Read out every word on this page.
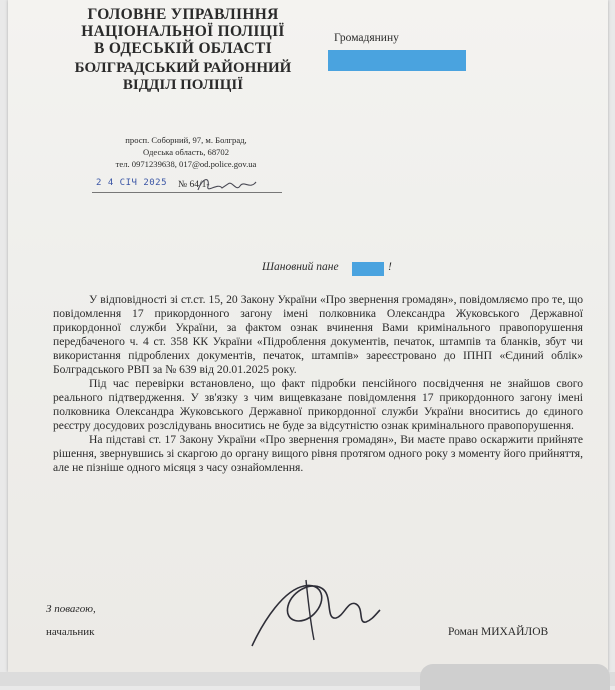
ГОЛОВНЕ УПРАВЛІННЯ
НАЦІОНАЛЬНОЇ ПОЛІЦІЇ
В ОДЕСЬКІЙ ОБЛАСТІ
БОЛГРАДСЬКИЙ РАЙОННИЙ
ВІДДІЛ ПОЛІЦІЇ
Громадянину
просп. Соборний, 97, м. Болград,
Одеська область, 68702
тел. 0971239638, 017@od.police.gov.ua
2 4 СІЧ 2025 № 64/1-
Шановний пане	!

У відповідності зі ст.ст. 15, 20 Закону України «Про звернення громадян», повідомляємо про те, що повідомлення 17 прикордонного загону імені полковника Олександра Жуковського Державної прикордонної служби України, за фактом ознак вчинення Вами кримінального правопорушення передбаченого ч. 4 ст. 358 КК України «Підроблення документів, печаток, штампів та бланків, збут чи використання підроблених документів, печаток, штампів» зареєстровано до ІПНП «Єдиний облік» Болградського РВП за № 639 від 20.01.2025 року.

Під час перевірки встановлено, що факт підробки пенсійного посвідчення не знайшов свого реального підтвердження. У зв'язку з чим вищевказане повідомлення 17 прикордонного загону імені полковника Олександра Жуковського Державної прикордонної служби України вноситись до єдиного реєстру досудових розслідувань вноситись не буде за відсутністю ознак кримінального правопорушення.

На підставі ст. 17 Закону України «Про звернення громадян», Ви маєте право оскаржити прийняте рішення, звернувшись зі скаргою до органу вищого рівня протягом одного року з моменту його прийняття, але не пізніше одного місяця з часу ознайомлення.

З повагою,
начальник	Роман МИХАЙЛОВ
